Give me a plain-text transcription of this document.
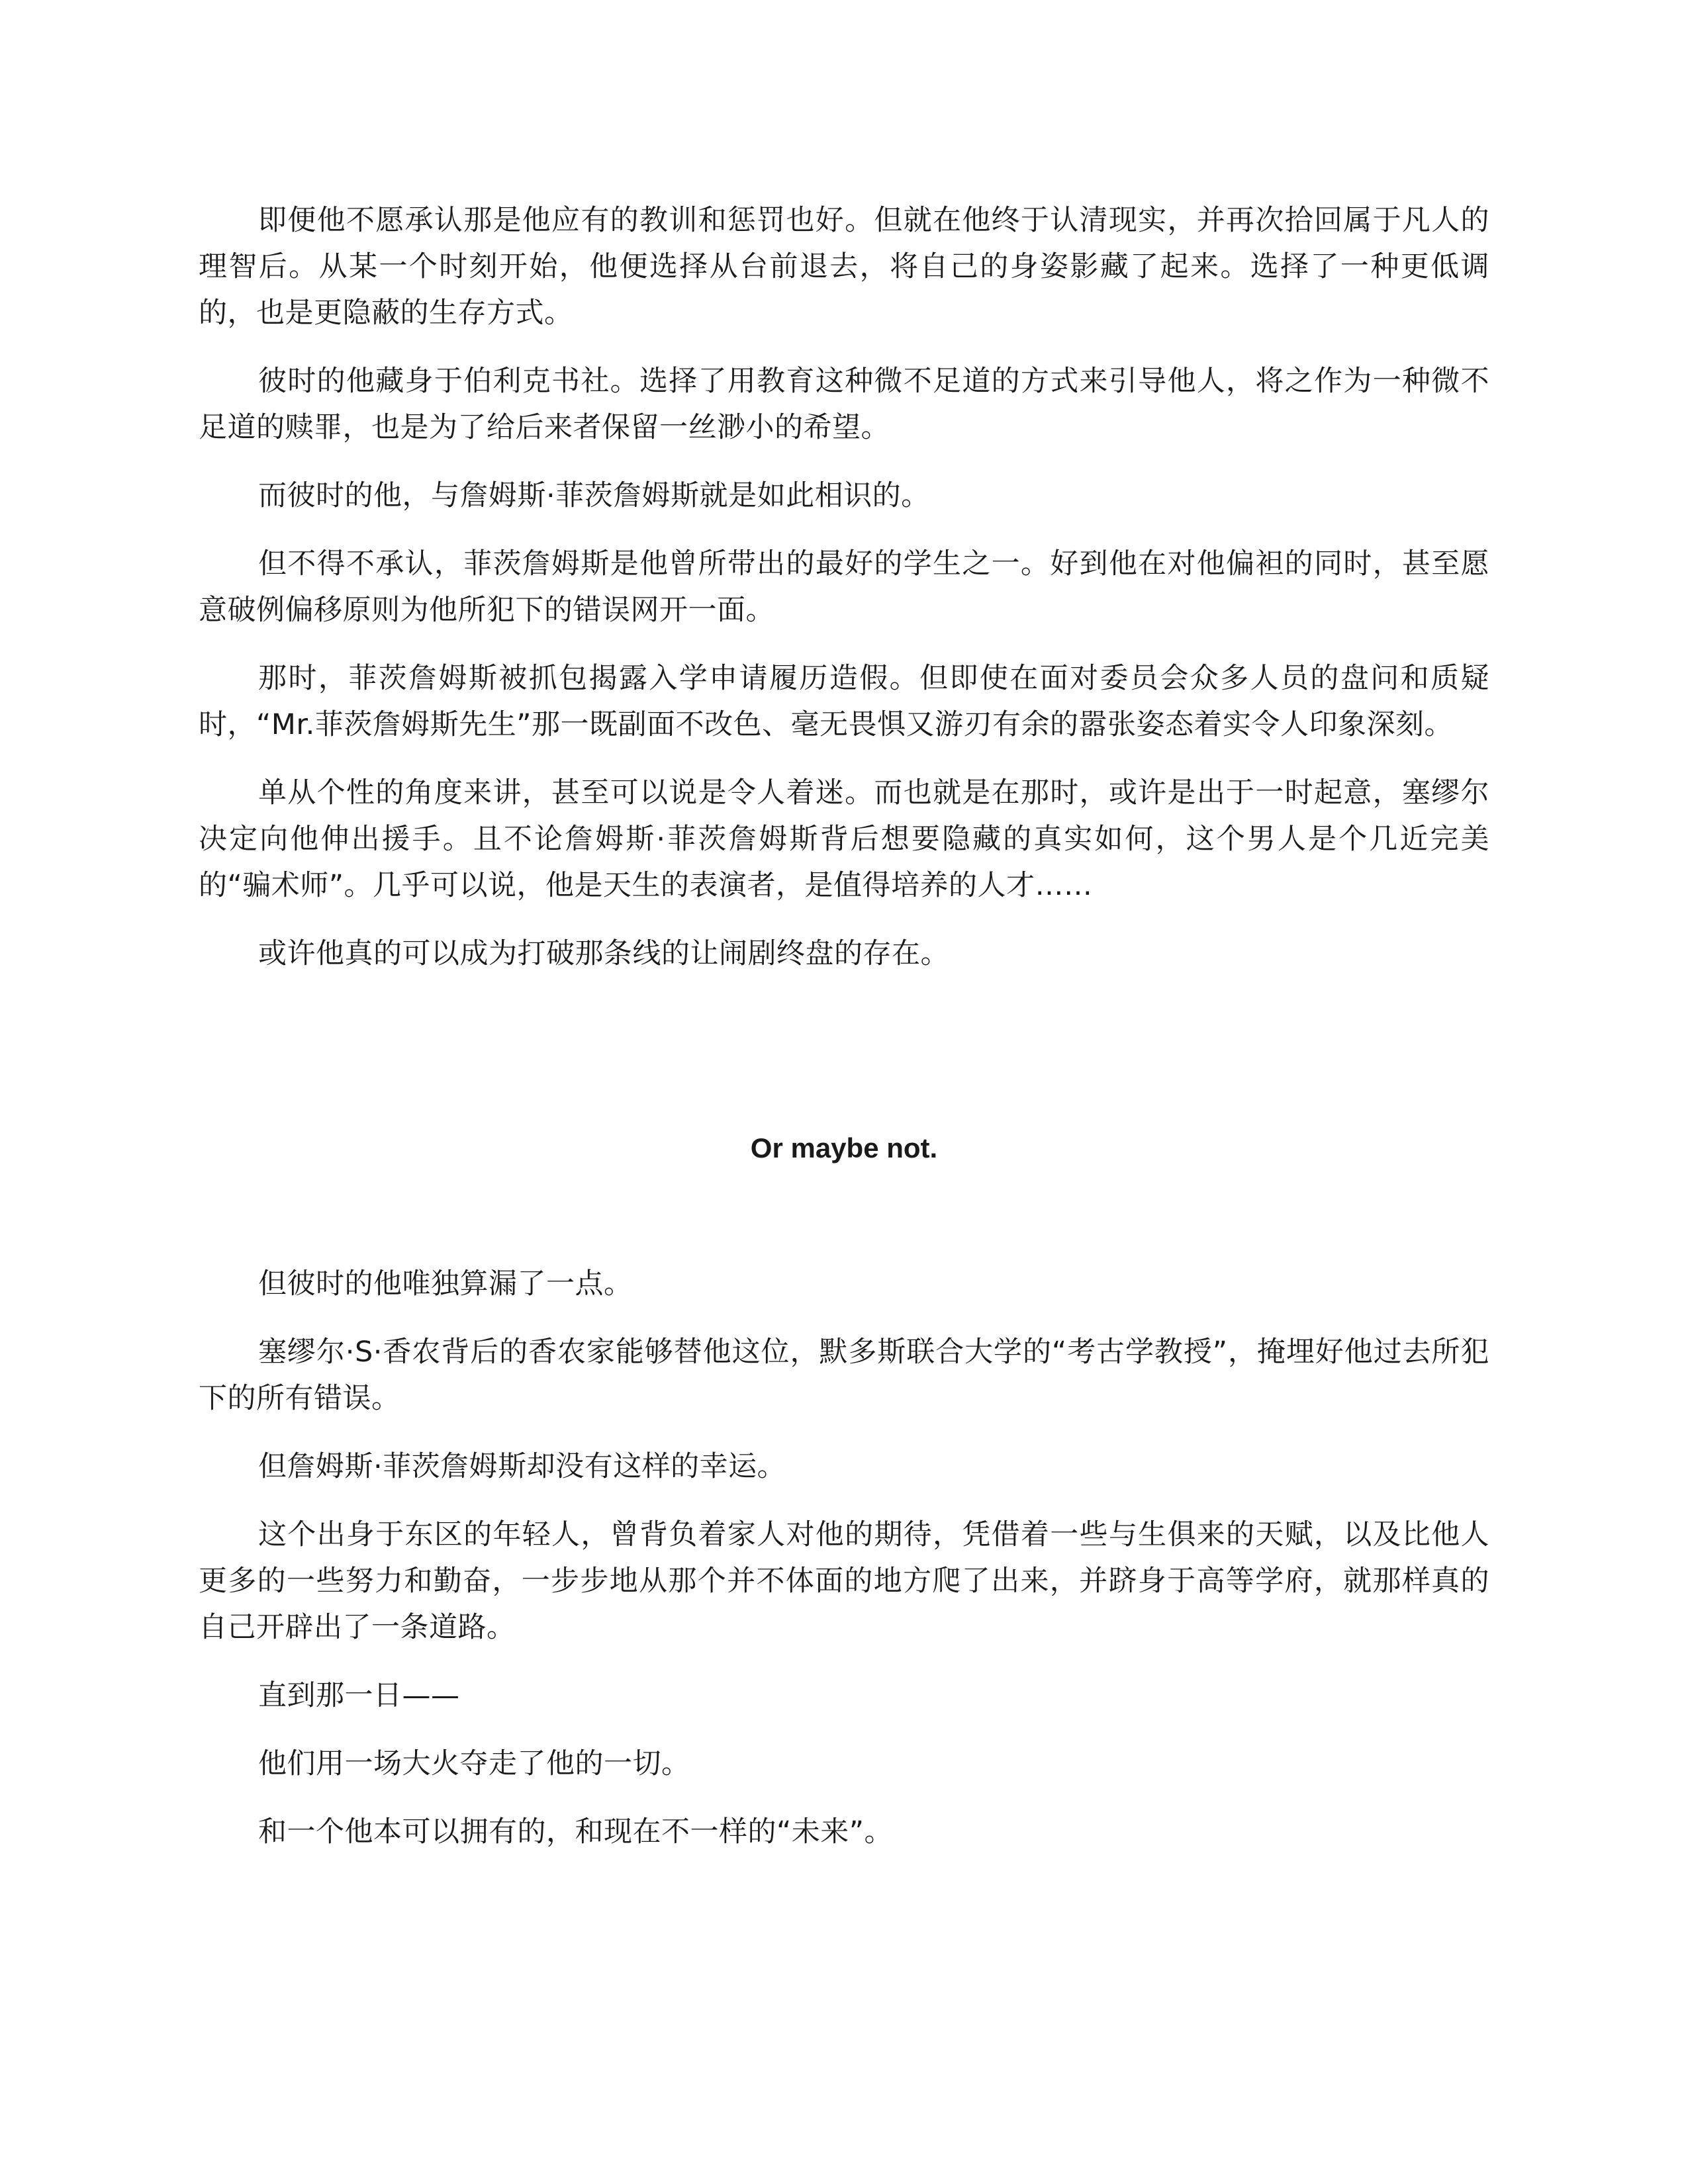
即便他不愿承认那是他应有的教训和惩罚也好。但就在他终于认清现实，并再次拾回属于凡人的理智后。从某一个时刻开始，他便选择从台前退去，将自己的身姿影藏了起来。选择了一种更低调的，也是更隐蔽的生存方式。

彼时的他藏身于伯利克书社。选择了用教育这种微不足道的方式来引导他人，将之作为一种微不足道的赎罪，也是为了给后来者保留一丝渺小的希望。

而彼时的他，与詹姆斯·菲茨詹姆斯就是如此相识的。

但不得不承认，菲茨詹姆斯是他曾所带出的最好的学生之一。好到他在对他偏袒的同时，甚至愿意破例偏移原则为他所犯下的错误网开一面。

那时，菲茨詹姆斯被抓包揭露入学申请履历造假。但即使在面对委员会众多人员的盘问和质疑时，“Mr.菲茨詹姆斯先生”那一既副面不改色、毫无畏惧又游刃有余的嚣张姿态着实令人印象深刻。

单从个性的角度来讲，甚至可以说是令人着迷。而也就是在那时，或许是出于一时起意，塞缪尔决定向他伸出援手。且不论詹姆斯·菲茨詹姆斯背后想要隐藏的真实如何，这个男人是个几近完美的“骗术师”。几乎可以说，他是天生的表演者，是值得培养的人才……

或许他真的可以成为打破那条线的让闹剧终盘的存在。

Or maybe not.

但彼时的他唯独算漏了一点。

塞缪尔·S·香农背后的香农家能够替他这位，默多斯联合大学的“考古学教授”，掩埋好他过去所犯下的所有错误。

但詹姆斯·菲茨詹姆斯却没有这样的幸运。

这个出身于东区的年轻人，曾背负着家人对他的期待，凭借着一些与生俱来的天赋，以及比他人更多的一些努力和勤奋，一步步地从那个并不体面的地方爬了出来，并跻身于高等学府，就那样真的自己开辟出了一条道路。

直到那一日——

他们用一场大火夺走了他的一切。

和一个他本可以拥有的，和现在不一样的“未来”。
